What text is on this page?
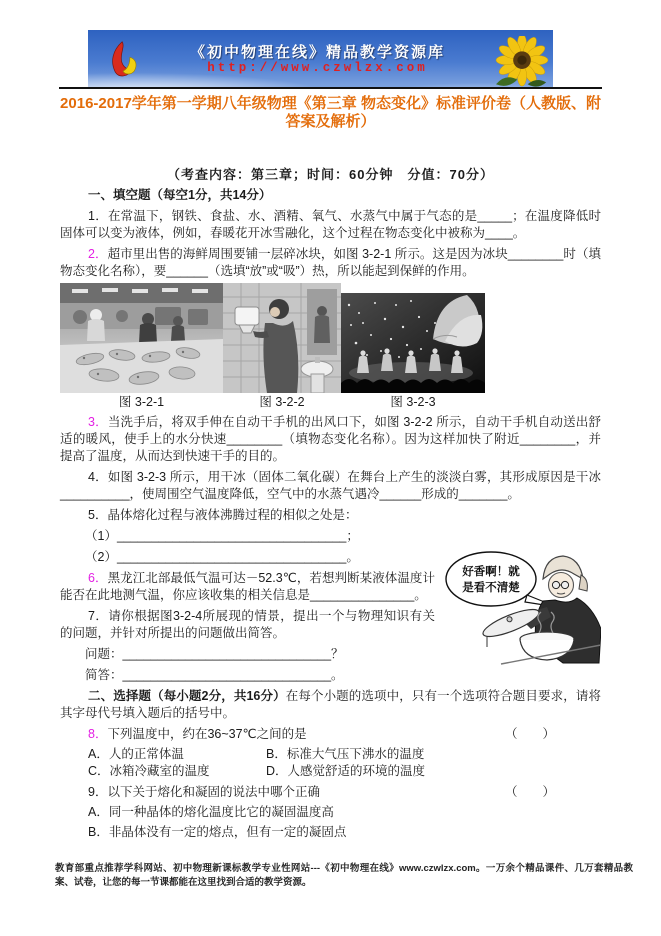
《初中物理在线》精品教学资源库
http://www.czwlzx.com
2016-2017学年第一学期八年级物理《第三章 物态变化》标准评价卷（人教版、附答案及解析）

（考查内容：第三章；时间：60分钟　分值：70分）

一、填空题（每空1分，共14分）

1．在常温下，钢铁、食盐、水、酒精、氧气、水蒸气中属于气态的是_____；在温度降低时固体可以变为液体，例如，春暖花开冰雪融化，这个过程在物态变化中被称为____。

2．超市里出售的海鲜周围要铺一层碎冰块，如图 3-2-1 所示。这是因为冰块________时（填物态变化名称），要______（选填“放”或“吸”）热，所以能起到保鲜的作用。

图 3-2-1	图 3-2-2	图 3-2-3

3．当洗手后，将双手伸在自动干手机的出风口下，如图 3-2-2 所示，自动干手机自动送出舒适的暖风，使手上的水分快速________（填物态变化名称）。因为这样加快了附近________，并提高了温度，从而达到快速干手的目的。

4．如图 3-2-3 所示，用干冰（固体二氧化碳）在舞台上产生的淡淡白雾，其形成原因是干冰__________，使周围空气温度降低，空气中的水蒸气遇冷______形成的_______。

5．晶体熔化过程与液体沸腾过程的相似之处是：

（1）_________________________________；

好香啊！就
是看不清楚

（2）_________________________________。

6．黑龙江北部最低气温可达－52.3℃，若想判断某液体温度计能否在此地测气温，你应该收集的相关信息是_______________。

7．请你根据图3-2-4所展现的情景，提出一个与物理知识有关的问题，并针对所提出的问题做出简答。

问题：______________________________？

简答：______________________________。

二、选择题（每小题2分，共16分）在每个小题的选项中，只有一个选项符合题目要求，请将其字母代号填入题后的括号中。

8． 下列温度中，约在36~37℃之间的是	（　　）

A．人的正常体温	B．标准大气压下沸水的温度
C．冰箱冷藏室的温度	D．人感觉舒适的环境的温度

9． 以下关于熔化和凝固的说法中哪个正确	（　　）

A．同一种晶体的熔化温度比它的凝固温度高
B．非晶体没有一定的熔点，但有一定的凝固点
教育部重点推荐学科网站、初中物理新课标教学专业性网站---《初中物理在线》www.czwlzx.com。一万余个精品课件、几万套精品教案、试卷，让您的每一节课都能在这里找到合适的教学资源。
